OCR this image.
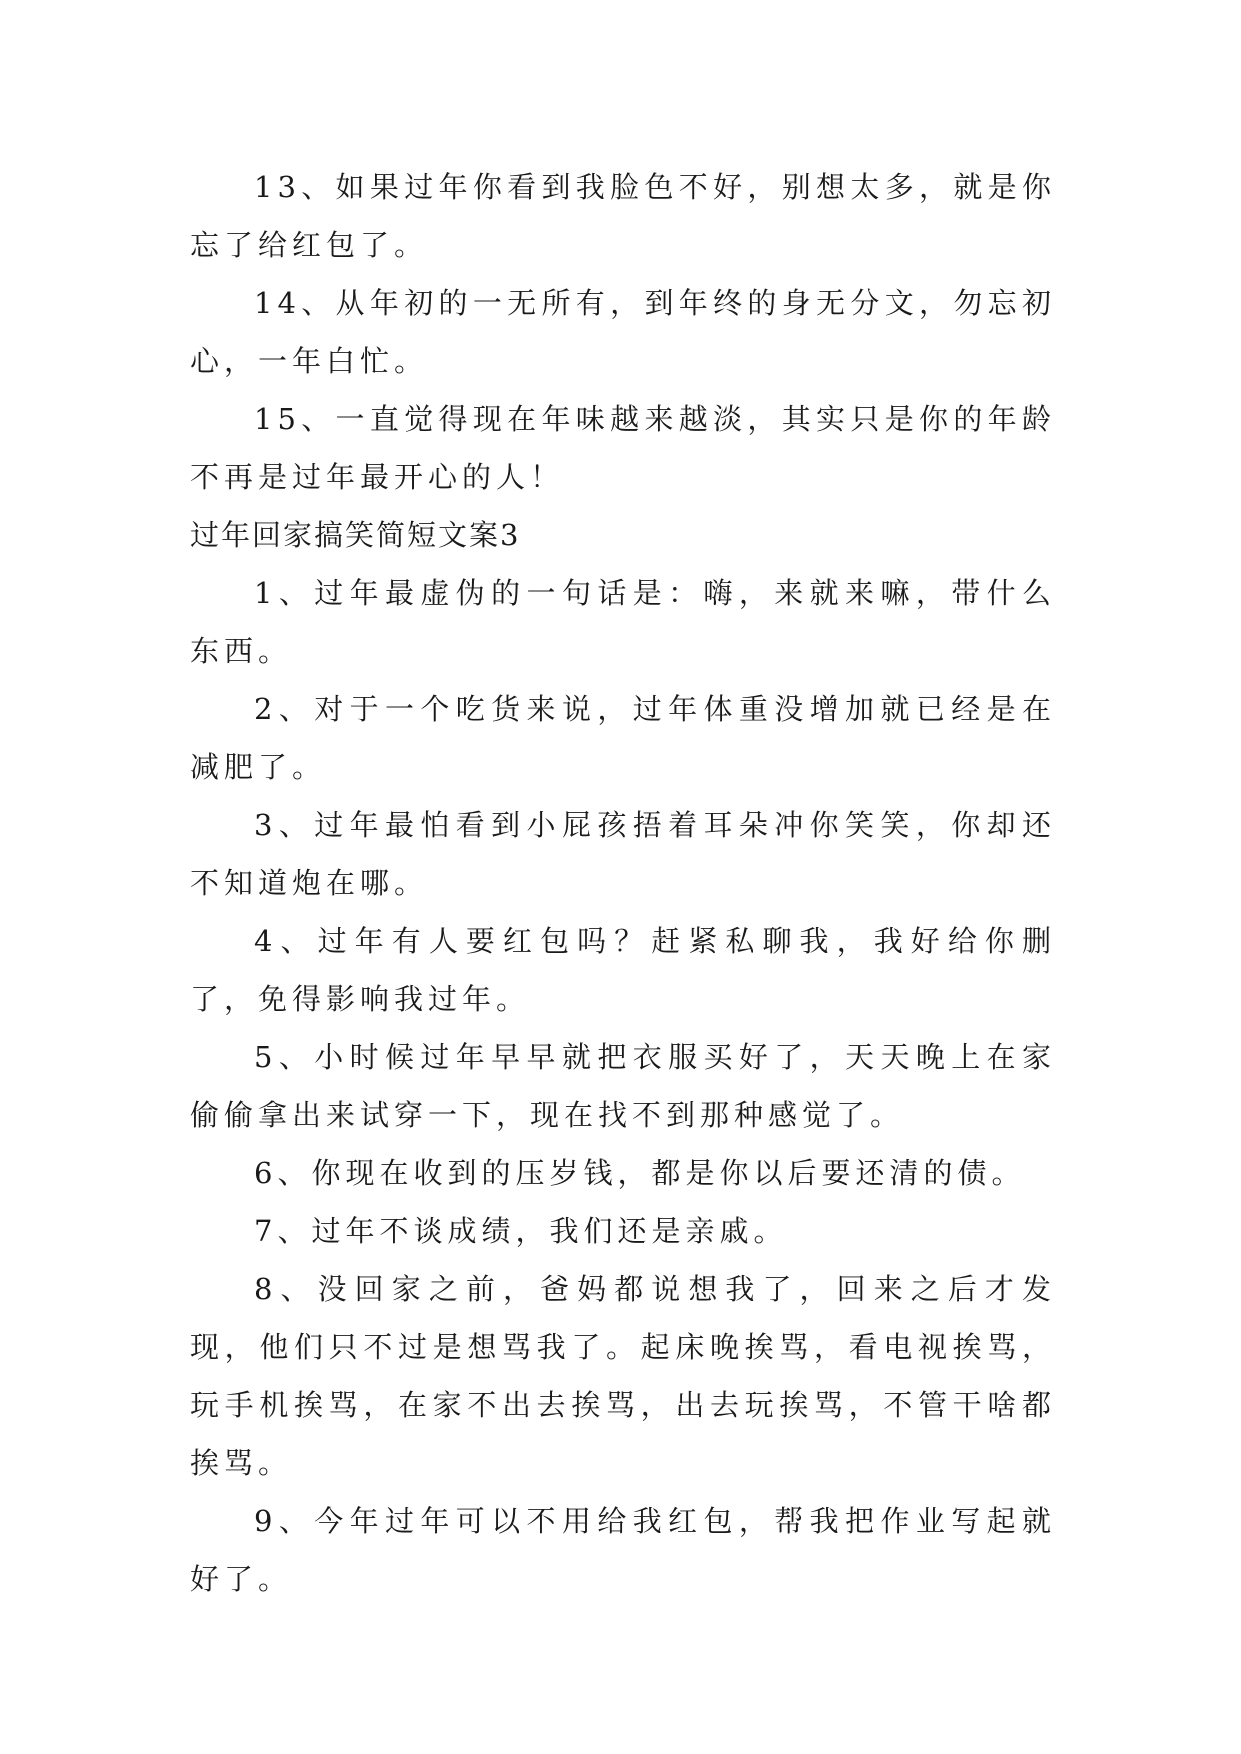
13、如果过年你看到我脸色不好，别想太多，就是你忘了给红包了。

14、从年初的一无所有，到年终的身无分文，勿忘初心，一年白忙。

15、一直觉得现在年味越来越淡，其实只是你的年龄不再是过年最开心的人！

过年回家搞笑简短文案3

1、过年最虚伪的一句话是：嗨，来就来嘛，带什么东西。

2、对于一个吃货来说，过年体重没增加就已经是在减肥了。

3、过年最怕看到小屁孩捂着耳朵冲你笑笑，你却还不知道炮在哪。

4、过年有人要红包吗？赶紧私聊我，我好给你删了，免得影响我过年。

5、小时候过年早早就把衣服买好了，天天晚上在家偷偷拿出来试穿一下，现在找不到那种感觉了。

6、你现在收到的压岁钱，都是你以后要还清的债。

7、过年不谈成绩，我们还是亲戚。

8、没回家之前，爸妈都说想我了，回来之后才发现，他们只不过是想骂我了。起床晚挨骂，看电视挨骂，玩手机挨骂，在家不出去挨骂，出去玩挨骂，不管干啥都挨骂。

9、今年过年可以不用给我红包，帮我把作业写起就好了。
